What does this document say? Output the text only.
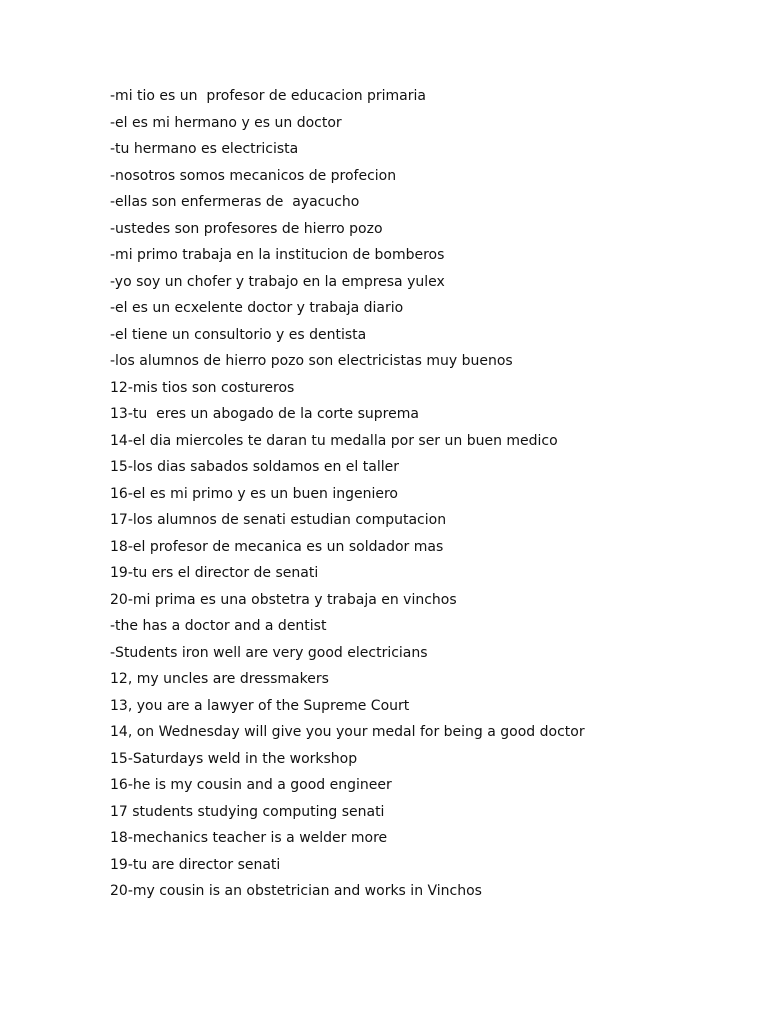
-mi tio es un  profesor de educacion primaria
-el es mi hermano y es un doctor
-tu hermano es electricista
-nosotros somos mecanicos de profecion
-ellas son enfermeras de  ayacucho
-ustedes son profesores de hierro pozo
-mi primo trabaja en la institucion de bomberos
-yo soy un chofer y trabajo en la empresa yulex
-el es un ecxelente doctor y trabaja diario
-el tiene un consultorio y es dentista
-los alumnos de hierro pozo son electricistas muy buenos
12-mis tios son costureros
13-tu  eres un abogado de la corte suprema
14-el dia miercoles te daran tu medalla por ser un buen medico
15-los dias sabados soldamos en el taller
16-el es mi primo y es un buen ingeniero
17-los alumnos de senati estudian computacion
18-el profesor de mecanica es un soldador mas
19-tu ers el director de senati
20-mi prima es una obstetra y trabaja en vinchos
-the has a doctor and a dentist
-Students iron well are very good electricians
12, my uncles are dressmakers
13, you are a lawyer of the Supreme Court
14, on Wednesday will give you your medal for being a good doctor
15-Saturdays weld in the workshop
16-he is my cousin and a good engineer
17 students studying computing senati
18-mechanics teacher is a welder more
19-tu are director senati
20-my cousin is an obstetrician and works in Vinchos
